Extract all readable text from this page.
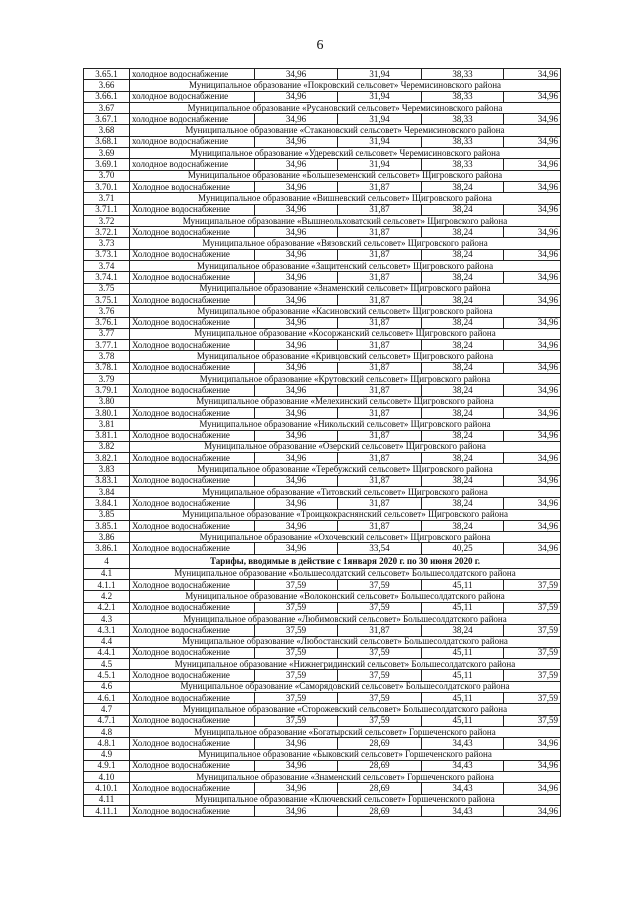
6
3.65.1	холодное водоснабжение	34,96	31,94	38,33	34,96
3.66	Муниципальное образование «Покровский сельсовет» Черемисиновского района				
3.66.1	холодное водоснабжение	34,96	31,94	38,33	34,96
3.67	Муниципальное образование «Русановский сельсовет» Черемисиновского района				
3.67.1	холодное водоснабжение	34,96	31,94	38,33	34,96
3.68	Муниципальное образование «Стакановский сельсовет» Черемисиновского района				
3.68.1	холодное водоснабжение	34,96	31,94	38,33	34,96
3.69	Муниципальное образование «Удеревский сельсовет» Черемисиновского района				
3.69.1	холодное водоснабжение	34,96	31,94	38,33	34,96
3.70	Муниципальное образование «Большеземенский сельсовет» Щигровского района				
3.70.1	Холодное водоснабжение	34,96	31,87	38,24	34,96
3.71	Муниципальное образование «Вишневский сельсовет» Щигровского района				
3.71.1	Холодное водоснабжение	34,96	31,87	38,24	34,96
3.72	Муниципальное образование «Вышнеольховатский сельсовет» Щигровского района				
3.72.1	Холодное водоснабжение	34,96	31,87	38,24	34,96
3.73	Муниципальное образование «Вязовский сельсовет» Щигровского района				
3.73.1	Холодное водоснабжение	34,96	31,87	38,24	34,96
3.74	Муниципальное образование «Защитенский сельсовет» Щигровского района				
3.74.1	Холодное водоснабжение	34,96	31,87	38,24	34,96
3.75	Муниципальное образование «Знаменский сельсовет» Щигровского района				
3.75.1	Холодное водоснабжение	34,96	31,87	38,24	34,96
3.76	Муниципальное образование «Касиновский сельсовет» Щигровского района				
3.76.1	Холодное водоснабжение	34,96	31,87	38,24	34,96
3.77	Муниципальное образование «Косоржанский сельсовет» Щигровского района				
3.77.1	Холодное водоснабжение	34,96	31,87	38,24	34,96
3.78	Муниципальное образование «Кривцовский сельсовет» Щигровского района				
3.78.1	Холодное водоснабжение	34,96	31,87	38,24	34,96
3.79	Муниципальное образование «Крутовский сельсовет» Щигровского района				
3.79.1	Холодное водоснабжение	34,96	31,87	38,24	34,96
3.80	Муниципальное образование «Мелехинский сельсовет» Щигровского района				
3.80.1	Холодное водоснабжение	34,96	31,87	38,24	34,96
3.81	Муниципальное образование «Никольский сельсовет» Щигровского района				
3.81.1	Холодное водоснабжение	34,96	31,87	38,24	34,96
3.82	Муниципальное образование «Озерский сельсовет» Щигровского района				
3.82.1	Холодное водоснабжение	34,96	31,87	38,24	34,96
3.83	Муниципальное образование «Теребужский сельсовет» Щигровского района				
3.83.1	Холодное водоснабжение	34,96	31,87	38,24	34,96
3.84	Муниципальное образование «Титовский сельсовет» Щигровского района				
3.84.1	Холодное водоснабжение	34,96	31,87	38,24	34,96
3.85	Муниципальное образование «Троицкокраснянский сельсовет» Щигровского района				
3.85.1	Холодное водоснабжение	34,96	31,87	38,24	34,96
3.86	Муниципальное образование «Охочевский сельсовет» Щигровского района				
3.86.1	Холодное водоснабжение	34,96	33,54	40,25	34,96
4	Тарифы, вводимые в действие с 1января 2020 г. по 30 июня 2020 г.				
4.1	Муниципальное образование «Большесолдатский сельсовет» Большесолдатского района				
4.1.1	Холодное водоснабжение	37,59	37,59	45,11	37,59
4.2	Муниципальное образование «Волоконский сельсовет» Большесолдатского района				
4.2.1	Холодное водоснабжение	37,59	37,59	45,11	37,59
4.3	Муниципальное образование «Любимовский сельсовет» Большесолдатского района				
4.3.1	Холодное водоснабжение	37,59	31,87	38,24	37,59
4.4	Муниципальное образование «Любостанский сельсовет» Большесолдатского района				
4.4.1	Холодное водоснабжение	37,59	37,59	45,11	37,59
4.5	Муниципальное образование «Нижнегридинский сельсовет» Большесолдатского района				
4.5.1	Холодное водоснабжение	37,59	37,59	45,11	37,59
4.6	Муниципальное образование «Саморядовский сельсовет» Большесолдатского района				
4.6.1	Холодное водоснабжение	37,59	37,59	45,11	37,59
4.7	Муниципальное образование «Сторожевский сельсовет» Большесолдатского района				
4.7.1	Холодное водоснабжение	37,59	37,59	45,11	37,59
4.8	Муниципальное образование «Богатырский сельсовет» Горшеченского района				
4.8.1	Холодное водоснабжение	34,96	28,69	34,43	34,96
4.9	Муниципальное образование «Быковский сельсовет» Горшеченского района				
4.9.1	Холодное водоснабжение	34,96	28,69	34,43	34,96
4.10	Муниципальное образование «Знаменский сельсовет» Горшеченского района				
4.10.1	Холодное водоснабжение	34,96	28,69	34,43	34,96
4.11	Муниципальное образование «Ключевский сельсовет» Горшеченского района				
4.11.1	Холодное водоснабжение	34,96	28,69	34,43	34,96
